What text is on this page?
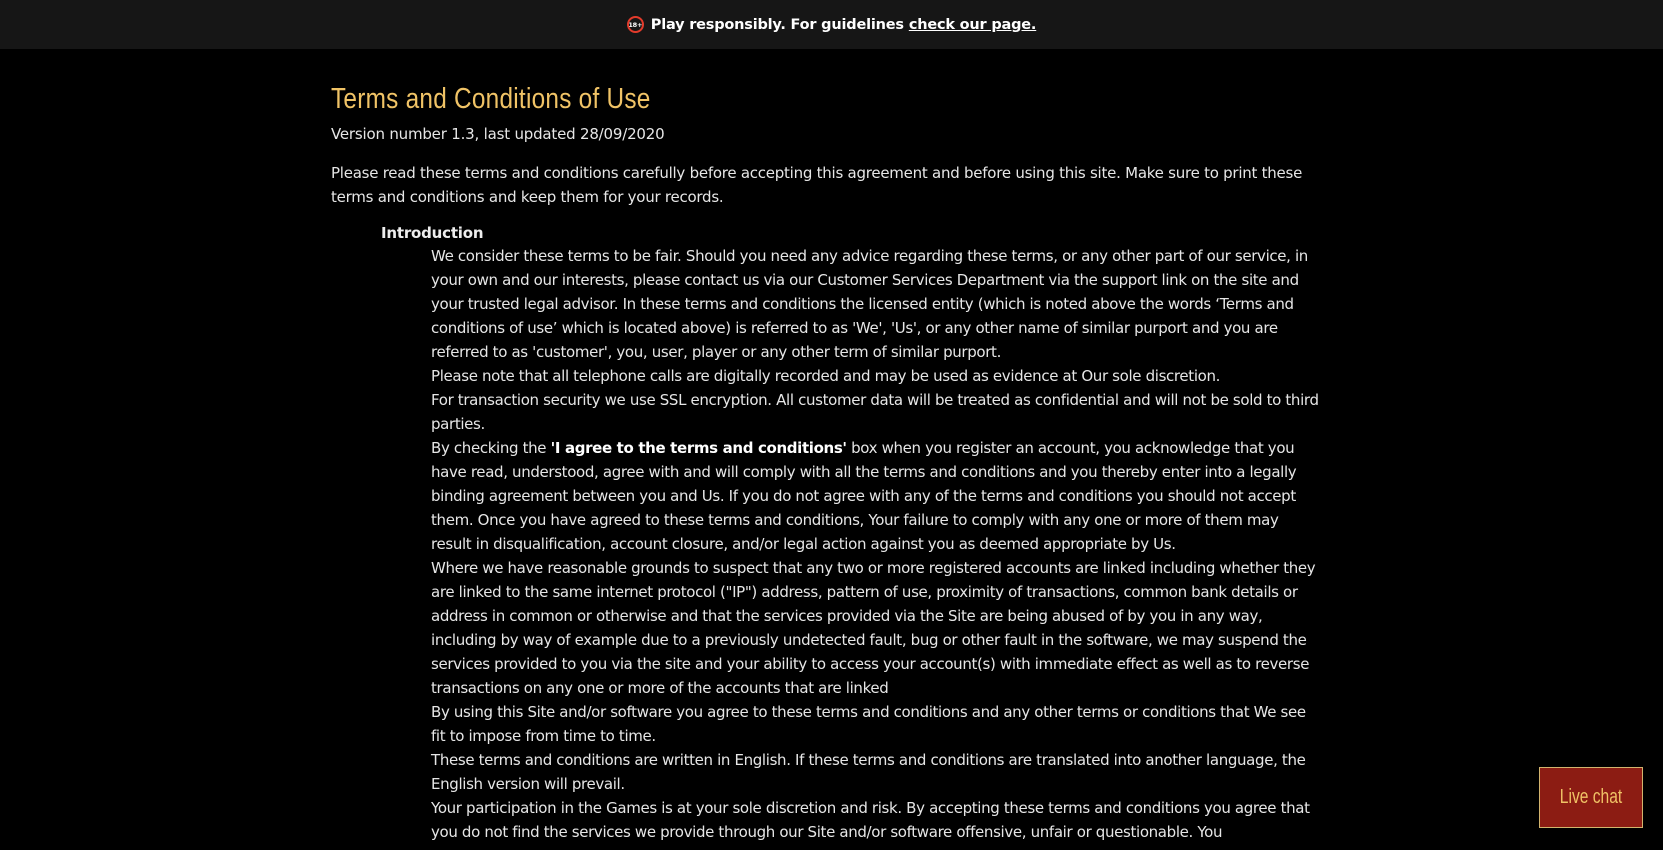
18+ Play responsibly. For guidelines check our page.
Terms and Conditions of Use
Version number 1.3, last updated 28/09/2020
Please read these terms and conditions carefully before accepting this agreement and before using this site. Make sure to print these terms and conditions and keep them for your records.
Introduction

We consider these terms to be fair. Should you need any advice regarding these terms, or any other part of our service, in your own and our interests, please contact us via our Customer Services Department via the support link on the site and your trusted legal advisor. In these terms and conditions the licensed entity (which is noted above the words ‘Terms and conditions of use’ which is located above) is referred to as 'We', 'Us', or any other name of similar purport and you are referred to as 'customer', you, user, player or any other term of similar purport.

Please note that all telephone calls are digitally recorded and may be used as evidence at Our sole discretion.

For transaction security we use SSL encryption. All customer data will be treated as confidential and will not be sold to third parties.

By checking the 'I agree to the terms and conditions' box when you register an account, you acknowledge that you have read, understood, agree with and will comply with all the terms and conditions and you thereby enter into a legally binding agreement between you and Us. If you do not agree with any of the terms and conditions you should not accept them. Once you have agreed to these terms and conditions, Your failure to comply with any one or more of them may result in disqualification, account closure, and/or legal action against you as deemed appropriate by Us.

Where we have reasonable grounds to suspect that any two or more registered accounts are linked including whether they are linked to the same internet protocol ("IP") address, pattern of use, proximity of transactions, common bank details or address in common or otherwise and that the services provided via the Site are being abused of by you in any way, including by way of example due to a previously undetected fault, bug or other fault in the software, we may suspend the services provided to you via the site and your ability to access your account(s) with immediate effect as well as to reverse transactions on any one or more of the accounts that are linked

By using this Site and/or software you agree to these terms and conditions and any other terms or conditions that We see fit to impose from time to time.

These terms and conditions are written in English. If these terms and conditions are translated into another language, the English version will prevail.

Your participation in the Games is at your sole discretion and risk. By accepting these terms and conditions you agree that you do not find the services we provide through our Site and/or software offensive, unfair or questionable. You

Live chat
